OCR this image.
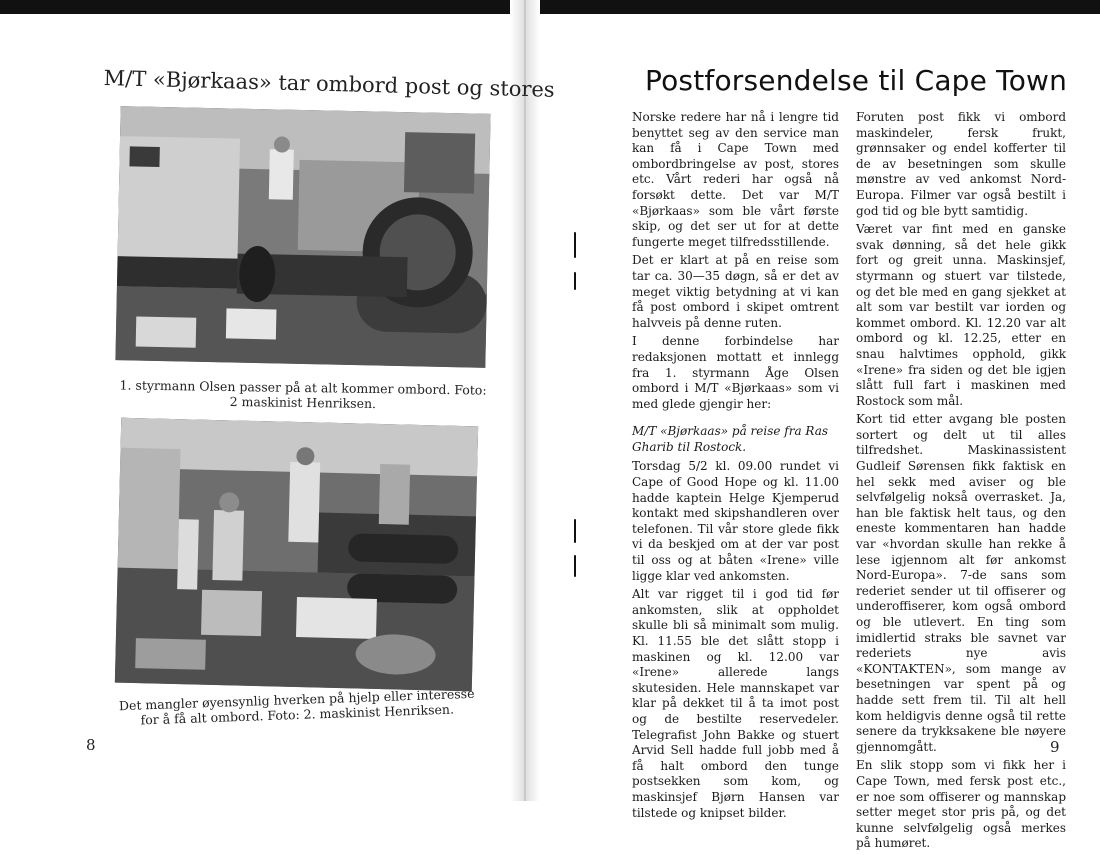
M/T «Bjørkaas» tar ombord post og stores
1. styrmann Olsen passer på at alt kommer ombord. Foto: 2 maskinist Henriksen.
Det mangler øyensynlig hverken på hjelp eller interesse for å få alt ombord. Foto: 2. maskinist Henriksen.
8
Postforsendelse til Cape Town

Norske redere har nå i lengre tid benyttet seg av den service man kan få i Cape Town med ombordbringelse av post, stores etc. Vårt rederi har også nå forsøkt dette. Det var M/T «Bjørkaas» som ble vårt første skip, og det ser ut for at dette fungerte meget tilfredsstillende.

Det er klart at på en reise som tar ca. 30—35 døgn, så er det av meget viktig betydning at vi kan få post ombord i skipet omtrent halvveis på denne ruten.

I denne forbindelse har redaksjonen mottatt et innlegg fra 1. styrmann Åge Olsen ombord i M/T «Bjørkaas» som vi med glede gjengir her:

M/T «Bjørkaas» på reise fra Ras Gharib til Rostock.

Torsdag 5/2 kl. 09.00 rundet vi Cape of Good Hope og kl. 11.00 hadde kaptein Helge Kjemperud kontakt med skipshandleren over telefonen. Til vår store glede fikk vi da beskjed om at der var post til oss og at båten «Irene» ville ligge klar ved ankomsten.

Alt var rigget til i god tid før ankomsten, slik at oppholdet skulle bli så minimalt som mulig. Kl. 11.55 ble det slått stopp i maskinen og kl. 12.00 var «Irene» allerede langs skutesiden. Hele mannskapet var klar på dekket til å ta imot post og de bestilte reservedeler. Telegrafist John Bakke og stuert Arvid Sell hadde full jobb med å få halt ombord den tunge postsekken som kom, og maskinsjef Bjørn Hansen var tilstede og knipset bilder.

Foruten post fikk vi ombord maskindeler, fersk frukt, grønnsaker og endel kofferter til de av besetningen som skulle mønstre av ved ankomst Nord-Europa. Filmer var også bestilt i god tid og ble bytt samtidig.

Været var fint med en ganske svak dønning, så det hele gikk fort og greit unna. Maskinsjef, styrmann og stuert var tilstede, og det ble med en gang sjekket at alt som var bestilt var iorden og kommet ombord. Kl. 12.20 var alt ombord og kl. 12.25, etter en snau halvtimes opphold, gikk «Irene» fra siden og det ble igjen slått full fart i maskinen med Rostock som mål.

Kort tid etter avgang ble posten sortert og delt ut til alles tilfredshet. Maskinassistent Gudleif Sørensen fikk faktisk en hel sekk med aviser og ble selvfølgelig nokså overrasket. Ja, han ble faktisk helt taus, og den eneste kommentaren han hadde var «hvordan skulle han rekke å lese igjennom alt før ankomst Nord-Europa». 7-de sans som rederiet sender ut til offiserer og underoffiserer, kom også ombord og ble utlevert. En ting som imidlertid straks ble savnet var rederiets nye avis «KONTAKTEN», som mange av besetningen var spent på og hadde sett frem til. Til alt hell kom heldigvis denne også til rette senere da trykksakene ble nøyere gjennomgått.

En slik stopp som vi fikk her i Cape Town, med fersk post etc., er noe som offiserer og mannskap setter meget stor pris på, og det kunne selvfølgelig også merkes på humøret.

9
